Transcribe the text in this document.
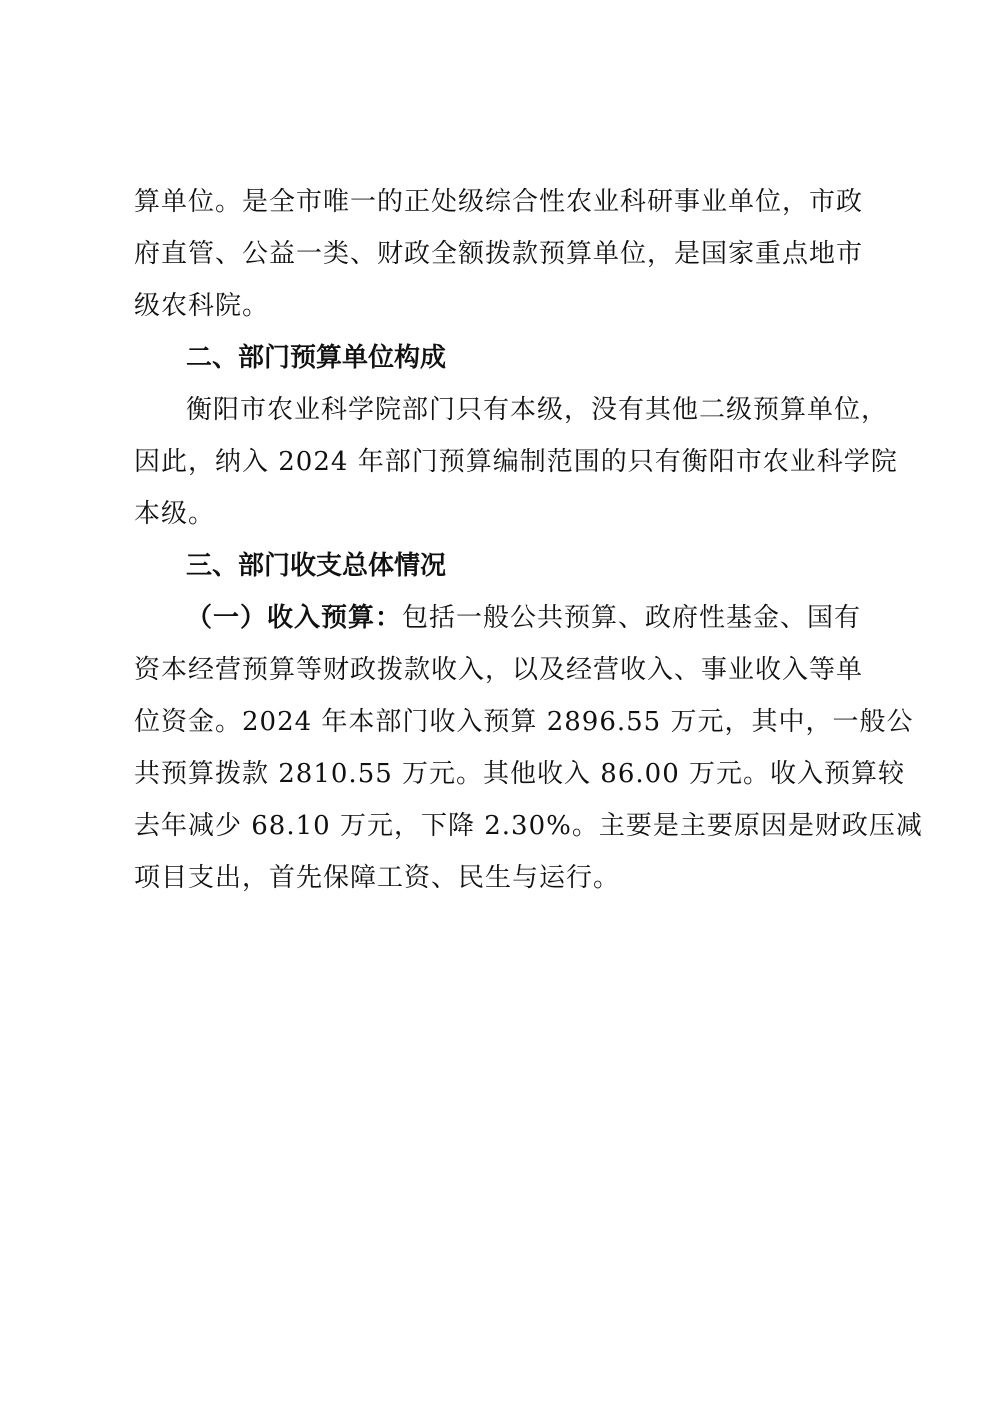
算单位。是全市唯一的正处级综合性农业科研事业单位，市政
府直管、公益一类、财政全额拨款预算单位，是国家重点地市
级农科院。
二、部门预算单位构成
衡阳市农业科学院部门只有本级，没有其他二级预算单位，
因此，纳入 2024 年部门预算编制范围的只有衡阳市农业科学院
本级。
三、部门收支总体情况
（一）收入预算：包括一般公共预算、政府性基金、国有
资本经营预算等财政拨款收入，以及经营收入、事业收入等单
位资金。2024 年本部门收入预算 2896.55 万元，其中，一般公
共预算拨款 2810.55 万元。其他收入 86.00 万元。收入预算较
去年减少 68.10 万元，下降 2.30%。主要是主要原因是财政压减
项目支出，首先保障工资、民生与运行。
